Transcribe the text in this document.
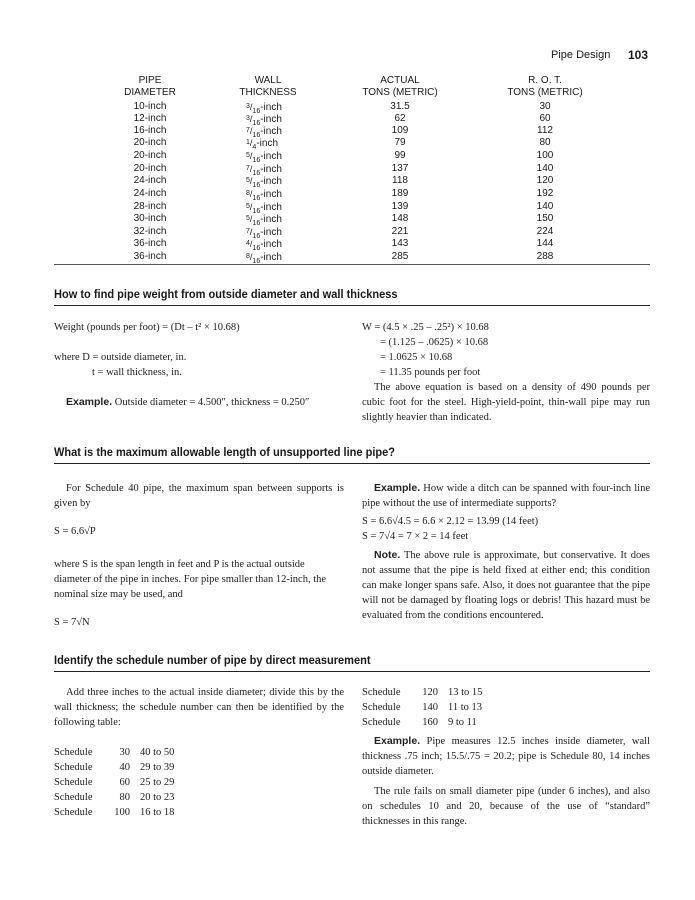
Pipe Design 103
PIPE
DIAMETER
WALL
THICKNESS
ACTUAL
TONS (METRIC)
R. O. T.
TONS (METRIC)
10-inch	$^3/_{16}$-inch	31.5	30
12-inch	$^3/_{16}$-inch	62	60
16-inch	$^7/_{16}$-inch	109	112
20-inch	$^1/_4$-inch	79	80
20-inch	$^5/_{16}$-inch	99	100
20-inch	$^7/_{16}$-inch	137	140
24-inch	$^5/_{16}$-inch	118	120
24-inch	$^8/_{16}$-inch	189	192
28-inch	$^5/_{16}$-inch	139	140
30-inch	$^5/_{16}$-inch	148	150
32-inch	$^7/_{16}$-inch	221	224
36-inch	$^4/_{16}$-inch	143	144
36-inch	$^8/_{16}$-inch	285	288
How to find pipe weight from outside diameter and wall thickness
Weight (pounds per foot) = (Dt – t² × 10.68)
where D = outside diameter, in.
t = wall thickness, in.
Example. Outside diameter = 4.500″, thickness = 0.250″
W = (4.5 × .25 – .25²) × 10.68
= (1.125 – .0625) × 10.68
= 1.0625 × 10.68
= 11.35 pounds per foot
The above equation is based on a density of 490 pounds per cubic foot for the steel. High-yield-point, thin-wall pipe may run slightly heavier than indicated.
What is the maximum allowable length of unsupported line pipe?
For Schedule 40 pipe, the maximum span between supports is given by
S = 6.6√P
where S is the span length in feet and P is the actual outside diameter of the pipe in inches. For pipe smaller than 12-inch, the nominal size may be used, and
S = 7√N
Example. How wide a ditch can be spanned with four-inch line pipe without the use of intermediate supports?
S = 6.6√4.5 = 6.6 × 2.12 = 13.99 (14 feet)
S = 7√4 = 7 × 2 = 14 feet
Note. The above rule is approximate, but conservative. It does not assume that the pipe is held fixed at either end; this condition can make longer spans safe. Also, it does not guarantee that the pipe will not be damaged by floating logs or debris! This hazard must be evaluated from the conditions encountered.
Identify the schedule number of pipe by direct measurement
Add three inches to the actual inside diameter; divide this by the wall thickness; the schedule number can then be identified by the following table:
Schedule	30 40 to 50
Schedule	40 29 to 39
Schedule	60 25 to 29
Schedule	80 20 to 23
Schedule 100 16 to 18
Schedule 120 13 to 15
Schedule 140 11 to 13
Schedule 160 9 to 11
Example. Pipe measures 12.5 inches inside diameter, wall thickness .75 inch; 15.5/.75 = 20.2; pipe is Schedule 80, 14 inches outside diameter.
The rule fails on small diameter pipe (under 6 inches), and also on schedules 10 and 20, because of the use of “standard” thicknesses in this range.
